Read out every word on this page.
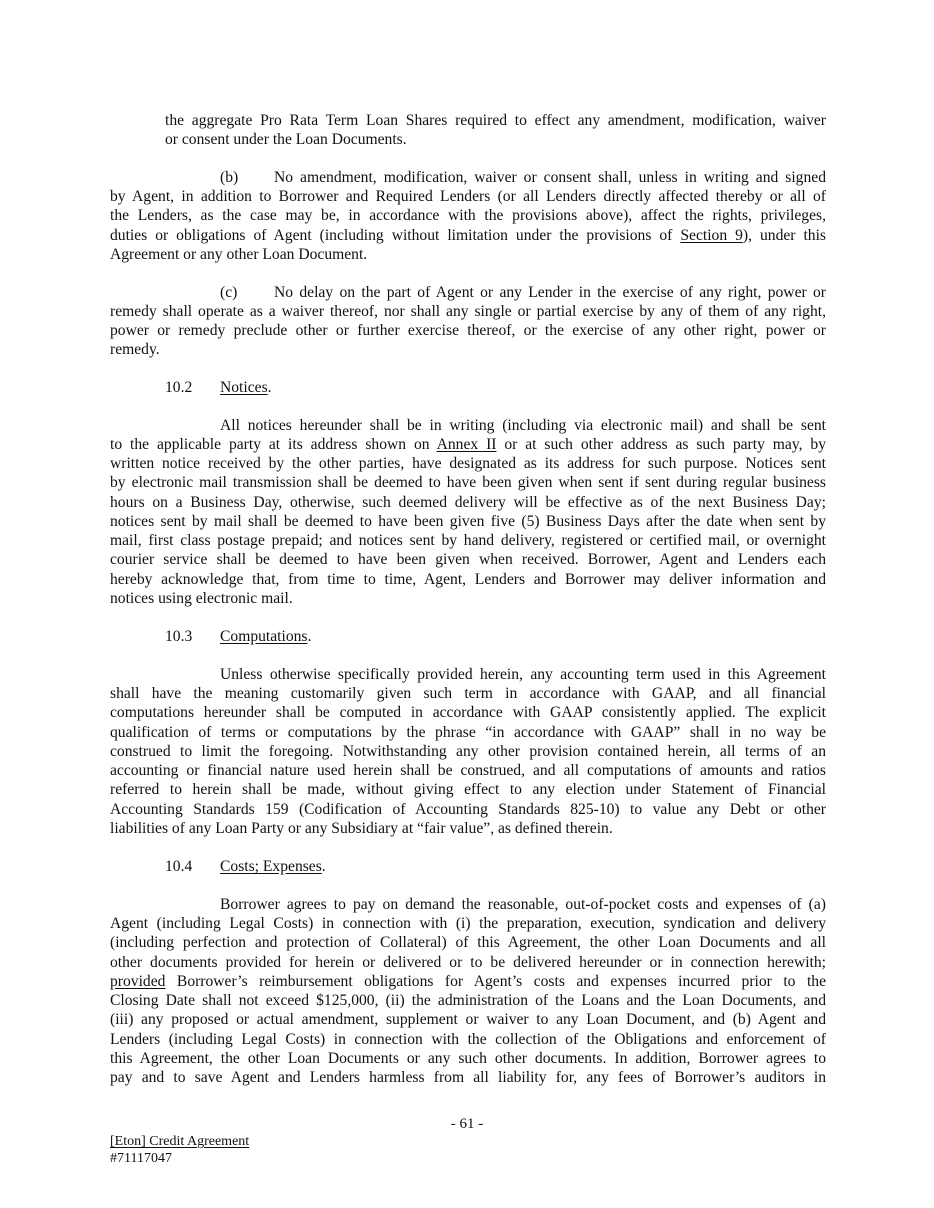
the aggregate Pro Rata Term Loan Shares required to effect any amendment, modification, waiver
or consent under the Loan Documents.
(b) No amendment, modification, waiver or consent shall, unless in writing and signed
by Agent, in addition to Borrower and Required Lenders (or all Lenders directly affected thereby or all of
the Lenders, as the case may be, in accordance with the provisions above), affect the rights, privileges,
duties or obligations of Agent (including without limitation under the provisions of Section 9), under this
Agreement or any other Loan Document.
(c) No delay on the part of Agent or any Lender in the exercise of any right, power or
remedy shall operate as a waiver thereof, nor shall any single or partial exercise by any of them of any right,
power or remedy preclude other or further exercise thereof, or the exercise of any other right, power or
remedy.
10.2 Notices.
All notices hereunder shall be in writing (including via electronic mail) and shall be sent
to the applicable party at its address shown on Annex II or at such other address as such party may, by
written notice received by the other parties, have designated as its address for such purpose. Notices sent
by electronic mail transmission shall be deemed to have been given when sent if sent during regular business
hours on a Business Day, otherwise, such deemed delivery will be effective as of the next Business Day;
notices sent by mail shall be deemed to have been given five (5) Business Days after the date when sent by
mail, first class postage prepaid; and notices sent by hand delivery, registered or certified mail, or overnight
courier service shall be deemed to have been given when received. Borrower, Agent and Lenders each
hereby acknowledge that, from time to time, Agent, Lenders and Borrower may deliver information and
notices using electronic mail.
10.3 Computations.
Unless otherwise specifically provided herein, any accounting term used in this Agreement
shall have the meaning customarily given such term in accordance with GAAP, and all financial
computations hereunder shall be computed in accordance with GAAP consistently applied. The explicit
qualification of terms or computations by the phrase “in accordance with GAAP” shall in no way be
construed to limit the foregoing. Notwithstanding any other provision contained herein, all terms of an
accounting or financial nature used herein shall be construed, and all computations of amounts and ratios
referred to herein shall be made, without giving effect to any election under Statement of Financial
Accounting Standards 159 (Codification of Accounting Standards 825-10) to value any Debt or other
liabilities of any Loan Party or any Subsidiary at “fair value”, as defined therein.
10.4 Costs; Expenses.
Borrower agrees to pay on demand the reasonable, out-of-pocket costs and expenses of (a)
Agent (including Legal Costs) in connection with (i) the preparation, execution, syndication and delivery
(including perfection and protection of Collateral) of this Agreement, the other Loan Documents and all
other documents provided for herein or delivered or to be delivered hereunder or in connection herewith;
provided Borrower’s reimbursement obligations for Agent’s costs and expenses incurred prior to the
Closing Date shall not exceed $125,000, (ii) the administration of the Loans and the Loan Documents, and
(iii) any proposed or actual amendment, supplement or waiver to any Loan Document, and (b) Agent and
Lenders (including Legal Costs) in connection with the collection of the Obligations and enforcement of
this Agreement, the other Loan Documents or any such other documents. In addition, Borrower agrees to
pay and to save Agent and Lenders harmless from all liability for, any fees of Borrower’s auditors in
- 61 -
[Eton] Credit Agreement
#71117047
